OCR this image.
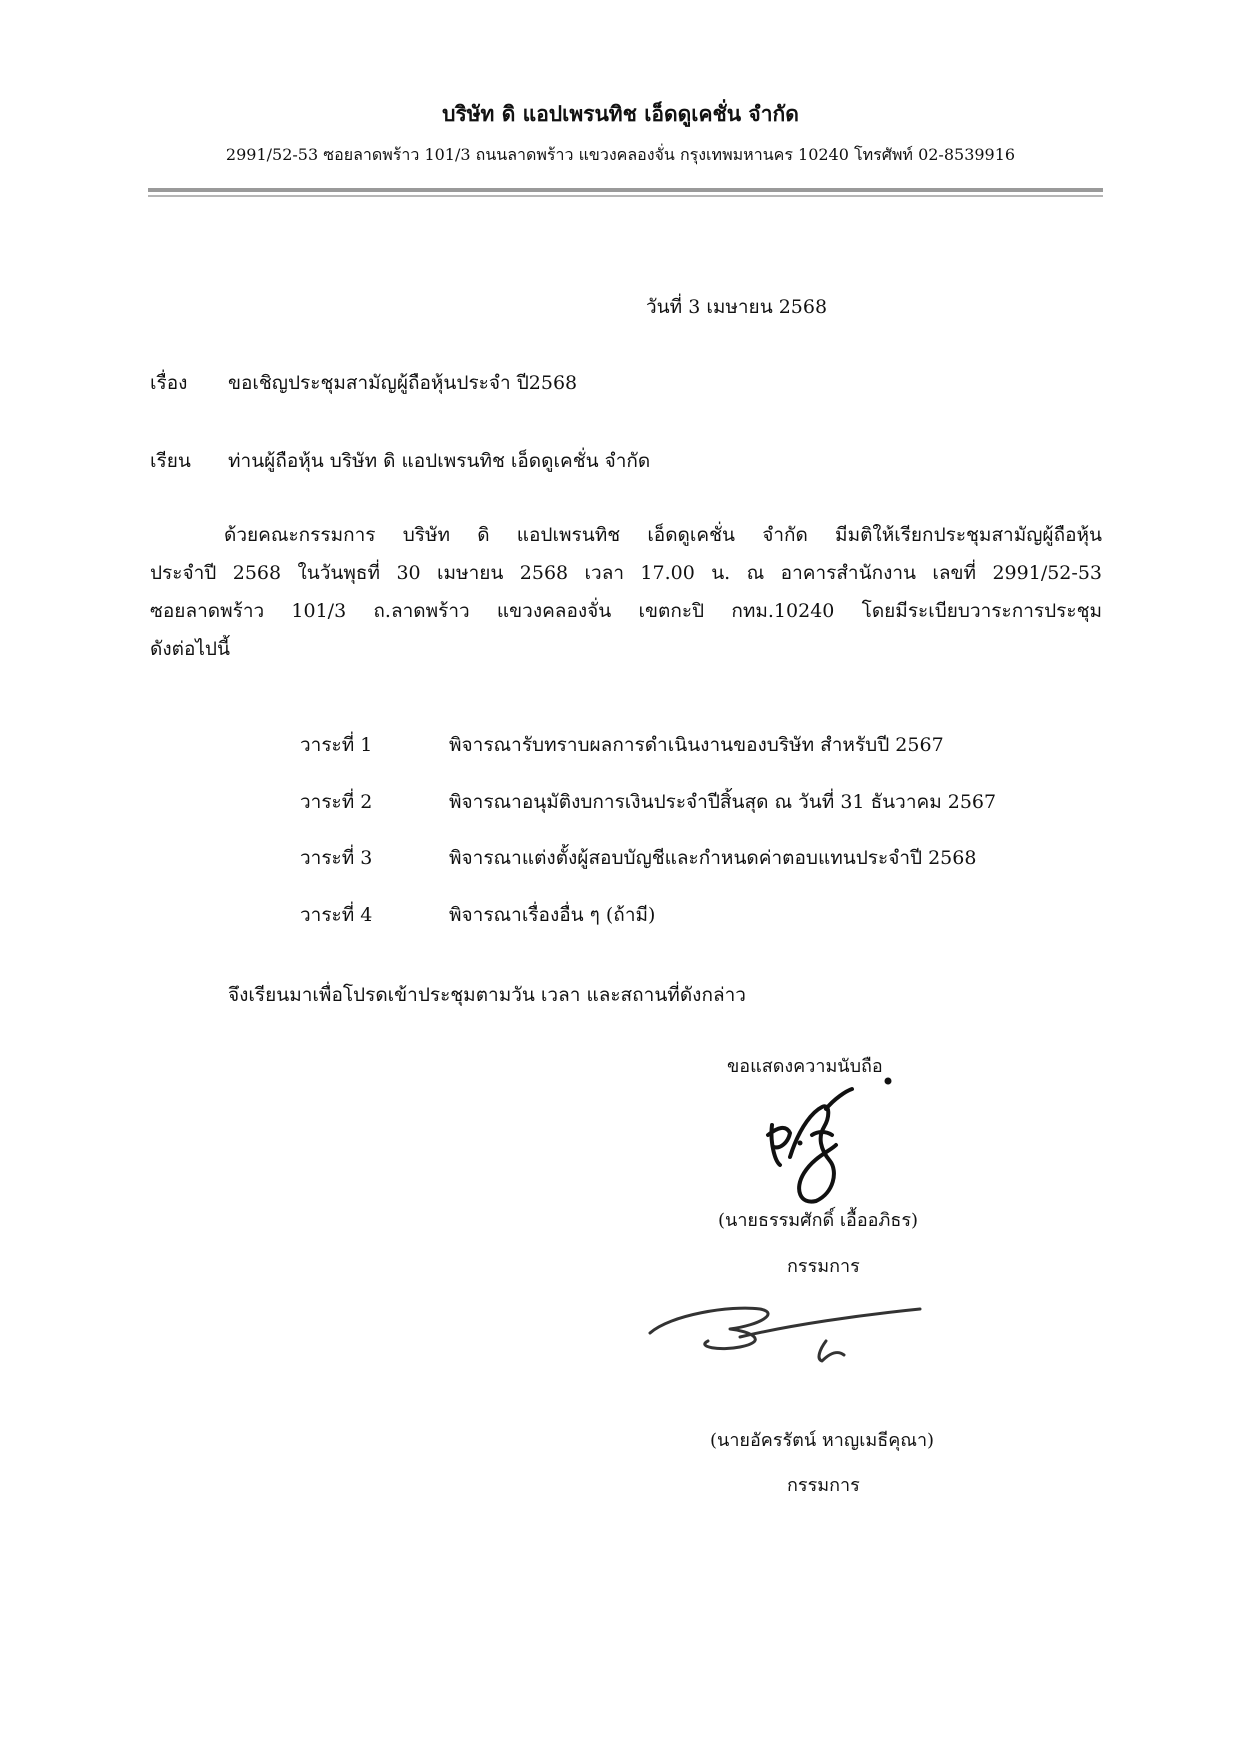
บริษัท ดิ แอปเพรนทิช เอ็ดดูเคชั่น จำกัด
2991/52-53 ซอยลาดพร้าว 101/3 ถนนลาดพร้าว แขวงคลองจั่น กรุงเทพมหานคร 10240 โทรศัพท์ 02-8539916
วันที่ 3 เมษายน 2568
เรื่อง ขอเชิญประชุมสามัญผู้ถือหุ้นประจำ ปี2568
เรียน ท่านผู้ถือหุ้น บริษัท ดิ แอปเพรนทิช เอ็ดดูเคชั่น จำกัด
ด้วยคณะกรรมการ บริษัท ดิ แอปเพรนทิช เอ็ดดูเคชั่น จำกัด มีมติให้เรียกประชุมสามัญผู้ถือหุ้น
ประจำปี 2568 ในวันพุธที่ 30 เมษายน 2568 เวลา 17.00 น. ณ อาคารสำนักงาน เลขที่ 2991/52-53
ซอยลาดพร้าว 101/3 ถ.ลาดพร้าว แขวงคลองจั่น เขตกะปิ กทม.10240 โดยมีระเบียบวาระการประชุม
ดังต่อไปนี้
วาระที่ 1	พิจารณารับทราบผลการดำเนินงานของบริษัท สำหรับปี 2567
วาระที่ 2	พิจารณาอนุมัติงบการเงินประจำปีสิ้นสุด ณ วันที่ 31 ธันวาคม 2567
วาระที่ 3	พิจารณาแต่งตั้งผู้สอบบัญชีและกำหนดค่าตอบแทนประจำปี 2568
วาระที่ 4	พิจารณาเรื่องอื่น ๆ (ถ้ามี)
จึงเรียนมาเพื่อโปรดเข้าประชุมตามวัน เวลา และสถานที่ดังกล่าว
ขอแสดงความนับถือ
(นายธรรมศักดิ์ เอื้ออภิธร)
กรรมการ
(นายอัครรัตน์ หาญเมธีคุณา)
กรรมการ
